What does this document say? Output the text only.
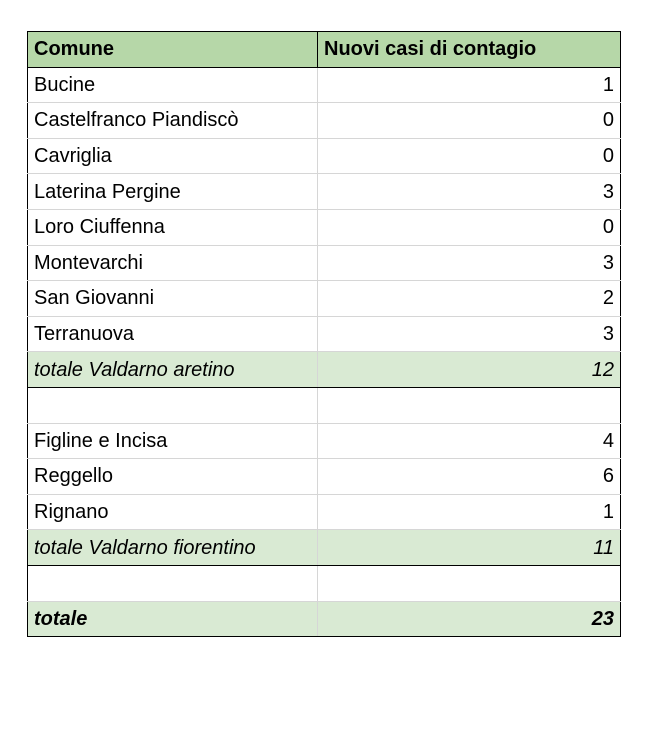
Comune	Nuovi casi di contagio
Bucine	1
Castelfranco Piandiscò	0
Cavriglia	0
Laterina Pergine	3
Loro Ciuffenna	0
Montevarchi	3
San Giovanni	2
Terranuova	3
totale Valdarno aretino	12

Figline e Incisa	4
Reggello	6
Rignano	1
totale Valdarno fiorentino	11

totale	23
